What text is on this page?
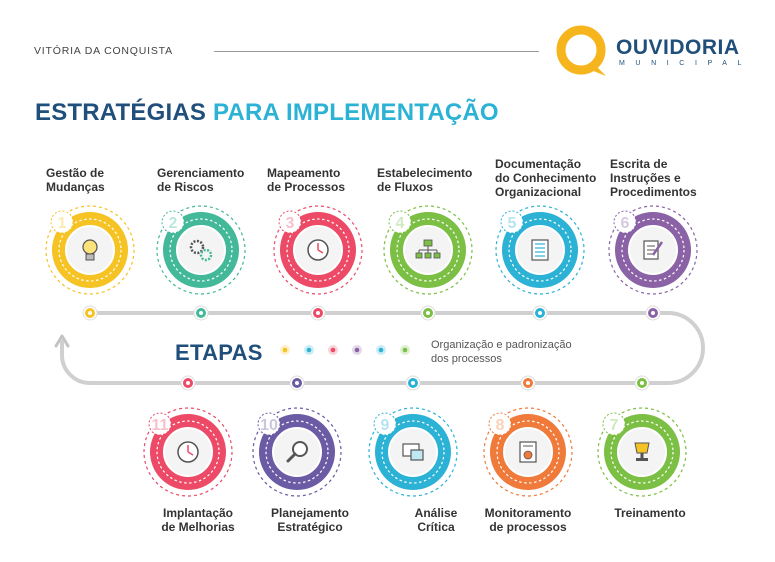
VITÓRIA DA CONQUISTA
1	2	3	4	5	6
7
8
9
10
11
OUVIDORIA
MUNICIPAL
ESTRATÉGIAS PARA IMPLEMENTAÇÃO
ETAPAS	Organização e padronização
dos processos
Gestão de
Mudanças
Gerenciamento
de Riscos
Mapeamento
de Processos
Estabelecimento
de Fluxos
Documentação
do Conhecimento
Organizacional
Escrita de
Instruções e
Procedimentos
Treinamento
Monitoramento
de processos
Análise
Crítica
Planejamento
Estratégico
Implantação
de Melhorias
